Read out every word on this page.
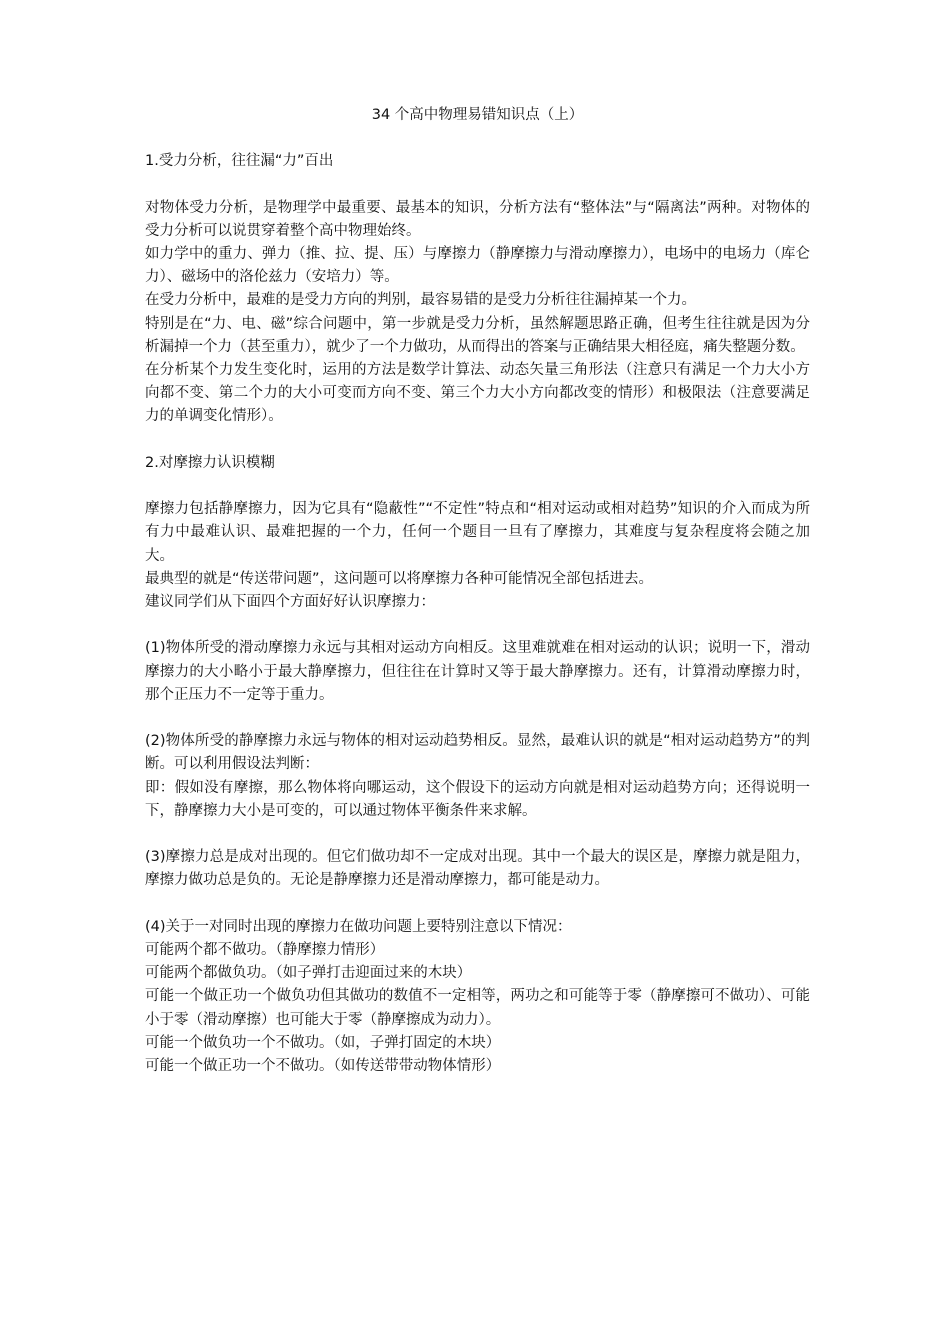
34 个高中物理易错知识点（上）
1.受力分析，往往漏“力”百出
对物体受力分析，是物理学中最重要、最基本的知识，分析方法有“整体法”与“隔离法”两种。对物体的受力分析可以说贯穿着整个高中物理始终。
如力学中的重力、弹力（推、拉、提、压）与摩擦力（静摩擦力与滑动摩擦力），电场中的电场力（库仑力）、磁场中的洛伦兹力（安培力）等。
在受力分析中，最难的是受力方向的判别，最容易错的是受力分析往往漏掉某一个力。
特别是在“力、电、磁”综合问题中，第一步就是受力分析，虽然解题思路正确，但考生往往就是因为分析漏掉一个力（甚至重力），就少了一个力做功，从而得出的答案与正确结果大相径庭，痛失整题分数。
在分析某个力发生变化时，运用的方法是数学计算法、动态矢量三角形法（注意只有满足一个力大小方向都不变、第二个力的大小可变而方向不变、第三个力大小方向都改变的情形）和极限法（注意要满足力的单调变化情形）。
2.对摩擦力认识模糊
摩擦力包括静摩擦力，因为它具有“隐蔽性”“不定性”特点和“相对运动或相对趋势”知识的介入而成为所有力中最难认识、最难把握的一个力，任何一个题目一旦有了摩擦力，其难度与复杂程度将会随之加大。
最典型的就是“传送带问题”，这问题可以将摩擦力各种可能情况全部包括进去。
建议同学们从下面四个方面好好认识摩擦力：
(1)物体所受的滑动摩擦力永远与其相对运动方向相反。这里难就难在相对运动的认识；说明一下，滑动摩擦力的大小略小于最大静摩擦力，但往往在计算时又等于最大静摩擦力。还有，计算滑动摩擦力时，那个正压力不一定等于重力。
(2)物体所受的静摩擦力永远与物体的相对运动趋势相反。显然，最难认识的就是“相对运动趋势方”的判断。可以利用假设法判断：
即：假如没有摩擦，那么物体将向哪运动，这个假设下的运动方向就是相对运动趋势方向；还得说明一下，静摩擦力大小是可变的，可以通过物体平衡条件来求解。
(3)摩擦力总是成对出现的。但它们做功却不一定成对出现。其中一个最大的误区是，摩擦力就是阻力，摩擦力做功总是负的。无论是静摩擦力还是滑动摩擦力，都可能是动力。
(4)关于一对同时出现的摩擦力在做功问题上要特别注意以下情况：
可能两个都不做功。（静摩擦力情形）
可能两个都做负功。（如子弹打击迎面过来的木块）
可能一个做正功一个做负功但其做功的数值不一定相等，两功之和可能等于零（静摩擦可不做功）、可能小于零（滑动摩擦）也可能大于零（静摩擦成为动力）。
可能一个做负功一个不做功。（如，子弹打固定的木块）
可能一个做正功一个不做功。（如传送带带动物体情形）
